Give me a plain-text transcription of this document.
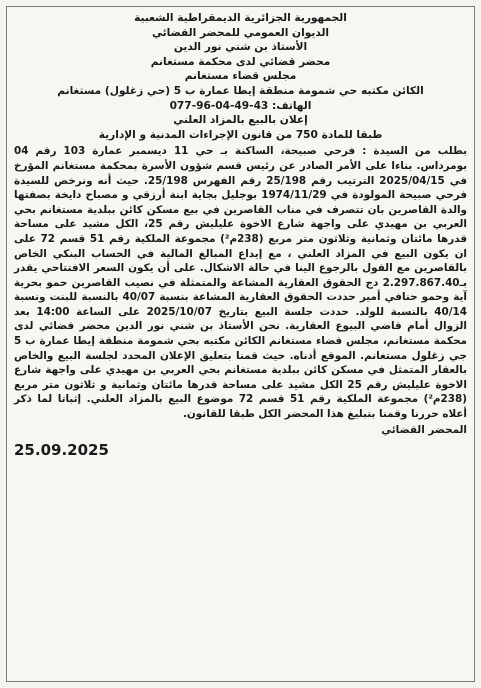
الجمهورية الجزائرية الديمقراطية الشعبية

الديوان العمومي للمحضر القضائي

الأستاذ بن شني نور الدين

محضر قضائي لدى محكمة مستغانم

مجلس قضاء مستغانم

الكائن مكتبه حي شمومة منطقة إيطا عمارة ب 5 (حي زغلول) مستغانم

الهاتف: 43-49-04-96-077

إعلان بالبيع بالمزاد العلني

طبقا للمادة 750 من قانون الإجراءات المدنية و الإدارية

بطلب من السيدة : فرحي صبيحة، الساكنة بـ حي 11 ديسمبر عمارة 103 رقم 04 بومرداس. بناءا على الأمر الصادر عن رئيس قسم شؤون الأسرة بمحكمة مستغانم المؤرخ في 2025/04/15 الترتيب رقم 25/198 رقم الفهرس 25/198. حيث أنه ونرخص للسيدة فرحي صبيحة المولودة في 1974/11/29 بوجليل بجاية ابنة أرزقي و مصباح دايخة بصفتها والدة القاصرين بان تتصرف في مناب القاصرين في بيع مسكن كائن ببلدية مستغانم بحي العربي بن مهيدي على واجهة شارع الاخوة عليليش رقم 25، الكل مشيد على مساحة قدرها مائتان وثمانية وثلاثون متر مربع (238م²) مجموعة الملكية رقم 51 قسم 72 على ان يكون البيع في المزاد العلني ، مع إيداع المبالغ المالية في الحساب البنكي الخاص بالقاصرين مع القول بالرجوع الينا في حالة الاشكال. على أن يكون السعر الافتتاحي يقدر بـ2.297.867.40 دج الحقوق العقارية المشاعة والمتمثلة في نصيب القاصرين حمو بحرية آية وحمو حنافي أمير حددت الحقوق العقارية المشاعة بنسبة 40/07 بالنسبة للبنت ونسبة 40/14 بالنسبة للولد. حددت جلسة البيع بتاريخ 2025/10/07 على الساعة 14:00 بعد الزوال أمام قاضي البيوع العقارية. نحن الأستاذ بن شني نور الدين محضر قضائي لدى محكمة مستغانم، مجلس قضاء مستغانم الكائن مكتبه بحي شمومة منطقة إيطا عمارة ب 5 جي زغلول مستغانم. الموقع أدناه. حيث قمنا بتعليق الإعلان المحدد لجلسة البيع والخاص بالعقار المتمثل في مسكن كائن ببلدية مستغانم بحي العربي بن مهيدي على واجهة شارع الاخوة عليليش رقم 25 الكل مشيد على مساحة قدرها مائتان وثمانية و ثلاثون متر مربع (238م²) مجموعة الملكية رقم 51 قسم 72 موضوع البيع بالمزاد العلني. إثباتا لما ذكر أعلاه حررنا وقمنا بتبليغ هذا المحضر الكل طبقا للقانون.

المحضر القضائي
25.09.2025
